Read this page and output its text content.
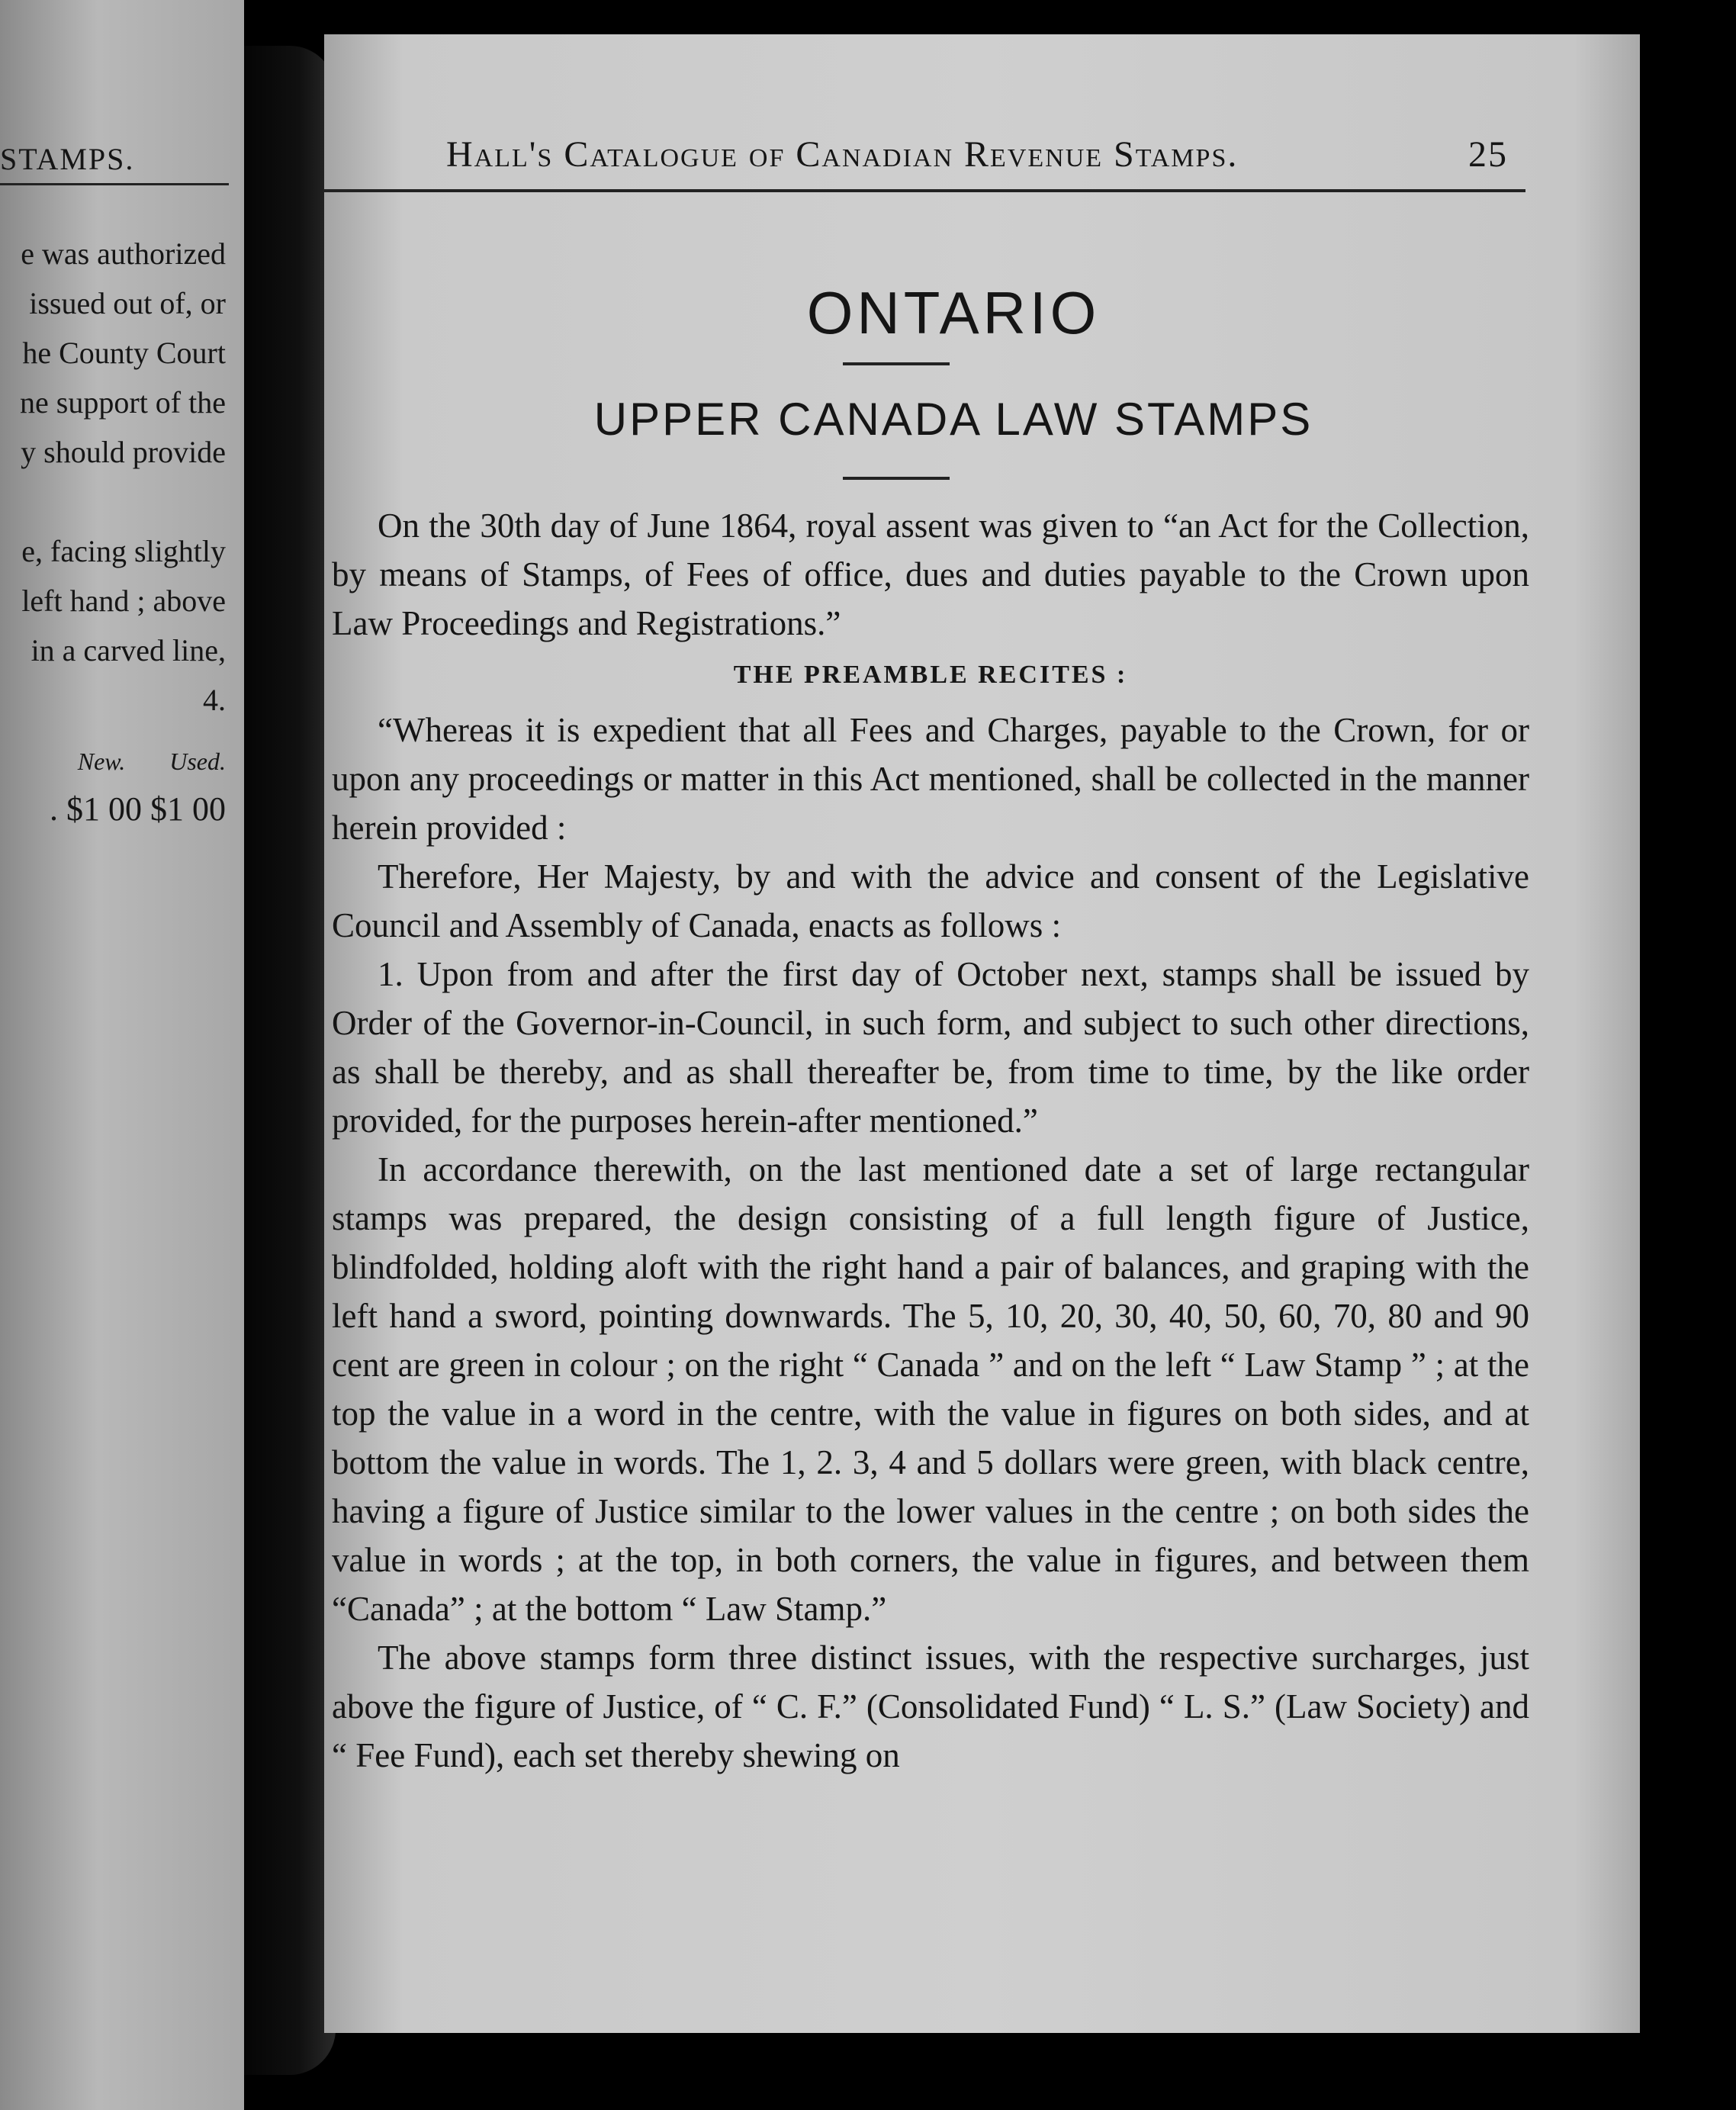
STAMPS.
e was authorized
issued out of, or
he County Court
ne support of the
y should provide

e, facing slightly
left hand ; above
in a carved line,
4.
New. Used.
. $1 00 $1 00
Hall's Catalogue of Canadian Revenue Stamps.	25
ONTARIO
UPPER CANADA LAW STAMPS

On the 30th day of June 1864, royal assent was given to “an Act for the Collection, by means of Stamps, of Fees of office, dues and duties payable to the Crown upon Law Proceedings and Registrations.”

THE PREAMBLE RECITES :

“Whereas it is expedient that all Fees and Charges, payable to the Crown, for or upon any proceedings or matter in this Act mentioned, shall be collected in the manner herein provided :

Therefore, Her Majesty, by and with the advice and consent of the Legislative Council and Assembly of Canada, enacts as follows :

1. Upon from and after the first day of October next, stamps shall be issued by Order of the Governor-in-Council, in such form, and subject to such other directions, as shall be thereby, and as shall thereafter be, from time to time, by the like order provided, for the purposes herein-after mentioned.”

In accordance therewith, on the last mentioned date a set of large rectangular stamps was prepared, the design consisting of a full length figure of Justice, blindfolded, holding aloft with the right hand a pair of balances, and graping with the left hand a sword, pointing downwards. The 5, 10, 20, 30, 40, 50, 60, 70, 80 and 90 cent are green in colour ; on the right “ Canada ” and on the left “ Law Stamp ” ; at the top the value in a word in the centre, with the value in figures on both sides, and at bottom the value in words. The 1, 2. 3, 4 and 5 dollars were green, with black centre, having a figure of Justice similar to the lower values in the centre ; on both sides the value in words ; at the top, in both corners, the value in figures, and between them “Canada” ; at the bottom “ Law Stamp.”

The above stamps form three distinct issues, with the respective surcharges, just above the figure of Justice, of “ C. F.” (Consolidated Fund) “ L. S.” (Law Society) and “ Fee Fund), each set thereby shewing on
